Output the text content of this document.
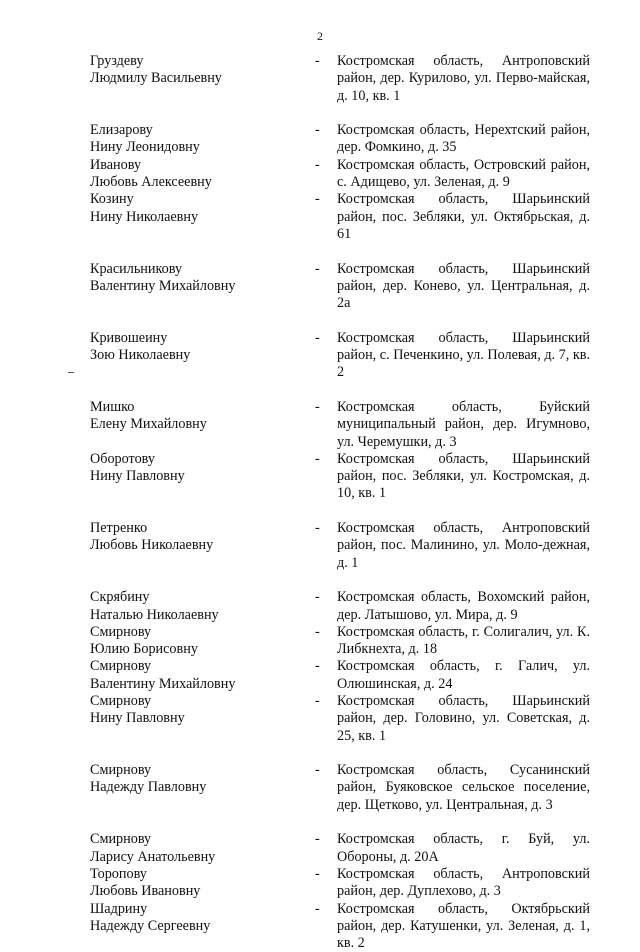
2
Груздеву
Людмилу Васильевну
-	Костромская область, Антроповский район, дер. Курилово, ул. Перво-майская, д. 10, кв. 1
Елизарову
Нину Леонидовну
-	Костромская область, Нерехтский район, дер. Фомкино, д. 35
Иванову
Любовь Алексеевну
-	Костромская область, Островский район, с. Адищево, ул. Зеленая, д. 9
Козину
Нину Николаевну
-	Костромская область, Шарьинский район, пос. Зебляки, ул. Октябрьская, д. 61
Красильникову
Валентину Михайловну
-	Костромская область, Шарьинский район, дер. Конево, ул. Центральная, д. 2а
Кривошеину
Зою Николаевну
-	Костромская область, Шарьинский район, с. Печенкино, ул. Полевая, д. 7, кв. 2
Мишко
Елену Михайловну
-	Костромская область, Буйский муниципальный район, дер. Игумново, ул. Черемушки, д. 3
Оборотову
Нину Павловну
-	Костромская область, Шарьинский район, пос. Зебляки, ул. Костромская, д. 10, кв. 1
Петренко
Любовь Николаевну
-	Костромская область, Антроповский район, пос. Малинино, ул. Моло-дежная, д. 1
Скрябину
Наталью Николаевну
-	Костромская область, Вохомский район, дер. Латышово, ул. Мира, д. 9
Смирнову
Юлию Борисовну
-	Костромская область, г. Солигалич, ул. К. Либкнехта, д. 18
Смирнову
Валентину Михайловну
-	Костромская область, г. Галич, ул. Олюшинская, д. 24
Смирнову
Нину Павловну
-	Костромская область, Шарьинский район, дер. Головино, ул. Советская, д. 25, кв. 1
Смирнову
Надежду Павловну
-	Костромская область, Сусанинский район, Буяковское сельское поселение, дер. Щетково, ул. Центральная, д. 3
Смирнову
Ларису Анатольевну
-	Костромская область, г. Буй, ул. Обороны, д. 20А
Торопову
Любовь Ивановну
-	Костромская область, Антроповский район, дер. Дуплехово, д. 3
Шадрину
Надежду Сергеевну
-	Костромская область, Октябрьский район, дер. Катушенки, ул. Зеленая, д. 1, кв. 2
